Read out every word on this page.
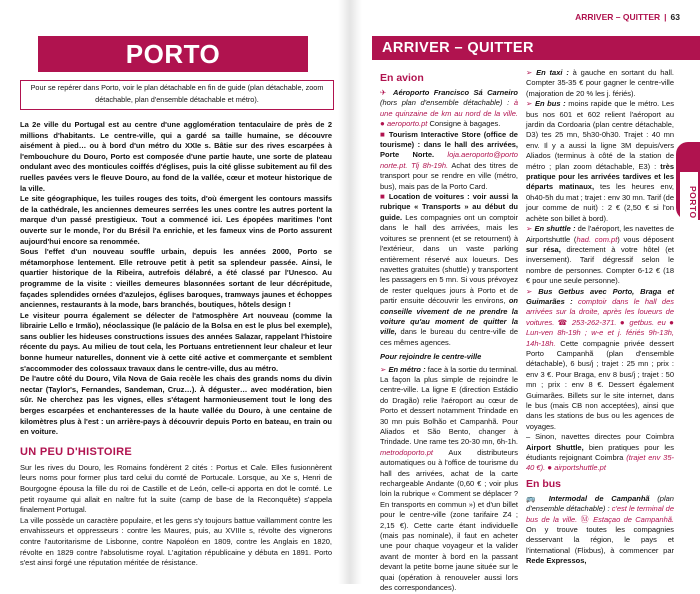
PORTO
Pour se repérer dans Porto, voir le plan détachable en fin de guide (plan détachable, zoom détachable, plan d'ensemble détachable et métro).

La 2e ville du Portugal est au centre d'une agglomération tentaculaire de près de 2 millions d'habitants. Le centre-ville, qui a gardé sa taille humaine, se découvre aisément à pied… ou à bord d'un métro du XXIe s. Bâtie sur des rives escarpées à l'embouchure du Douro, Porto est composée d'une partie haute, une sorte de plateau ondulant avec des monticules coiffés d'églises, puis la cité glisse subitement au fil des ruelles pavées vers le fleuve Douro, au fond de la vallée, cœur et moteur historique de la ville.
Le site géographique, les tuiles rouges des toits, d'où émergent les contours massifs de la cathédrale, les anciennes demeures serrées les unes contre les autres portent la marque d'un passé prestigieux. Tout a commencé ici. Les épopées maritimes l'ont ouverte sur le monde, l'or du Brésil l'a enrichie, et les fameux vins de Porto assurent aujourd'hui encore sa renommée.
Sous l'effet d'un nouveau souffle urbain, depuis les années 2000, Porto se métamorphose lentement. Elle retrouve petit à petit sa splendeur passée. Ainsi, le quartier historique de la Ribeira, autrefois délabré, a été classé par l'Unesco. Au programme de la visite : vieilles demeures blasonnées sortant de leur décrépitude, façades splendides ornées d'azulejos, églises baroques, tramways jaunes et échoppes anciennes, restaurants à la mode, bars branchés, boutiques, hôtels design !
Le visiteur pourra également se délecter de l'atmosphère Art nouveau (comme la librairie Lello e Irmão), néoclassique (le palácio de la Bolsa en est le plus bel exemple), sans oublier les hideuses constructions issues des années Salazar, rappelant l'histoire récente du pays. Au milieu de tout cela, les Portuans entretiennent leur chaleur et leur bonne humeur naturelles, donnent vie à cette cité active et commerçante et semblent s'accommoder des colossaux travaux dans le centre-ville, dus au métro.
De l'autre côté du Douro, Vila Nova de Gaia recèle les chais des grands noms du divin nectar (Taylor's, Fernandes, Sandeman, Cruz…). À déguster… avec modération, bien sûr. Ne cherchez pas les vignes, elles s'étagent harmonieusement tout le long des berges escarpées et enchanteresses de la haute vallée du Douro, à une centaine de kilomètres plus à l'est : un arrière-pays à découvrir depuis Porto en bateau, en train ou en voiture.

UN PEU D'HISTOIRE

Sur les rives du Douro, les Romains fondèrent 2 cités : Portus et Cale. Elles fusionnèrent leurs noms pour former plus tard celui du comté de Portucale. Lorsque, au Xe s, Henri de Bourgogne épousa la fille du roi de Castille et de León, celle-ci apporta en dot le comté. Le petit royaume qui allait en naître fut la suite (camp de base de la Reconquête) s'appela finalement Portugal.
La ville possède un caractère populaire, et les gens s'y toujours battue vaillamment contre les envahisseurs et oppresseurs : contre les Maures, puis, au XVIIIe s, révolte des vignerons contre l'autoritarisme de Lisbonne, contre Napoléon en 1809, contre les Anglais en 1820, révolte en 1829 contre l'absolutisme royal. L'agitation républicaine y débuta en 1891. Porto s'est ainsi forgé une réputation méritée de résistance.

ARRIVER – QUITTER | 63
ARRIVER – QUITTER
PORTO
En avion

✈ Aéroporto Francisco Sá Carneiro (hors plan d'ensemble détachable) : à une quinzaine de km au nord de la ville. ● aeroporto.pt Consigne à bagages.

■ Tourism Interactive Store (office de tourisme) : dans le hall des arrivées, Porte Norte. loja.aeroporto@porto norte.pt. Tlj 8h-19h. Achat des titres de transport pour se rendre en ville (métro, bus), mais pas de la Porto Card.

■ Location de voitures : voir aussi la rubrique « Transports » au début du guide. Les compagnies ont un comptoir dans le hall des arrivées, mais les voitures se prennent (et se retournent) à l'extérieur, dans un vaste parking entièrement réservé aux loueurs. Des navettes gratuites (shuttle) y transportent les passagers en 5 mn. Si vous prévoyez de rester quelques jours à Porto et de partir ensuite découvrir les environs, on conseille vivement de ne prendre la voiture qu'au moment de quitter la ville, dans le bureau du centre-ville de ces mêmes agences.

Pour rejoindre le centre-ville

➢ En métro : face à la sortie du terminal. La façon la plus simple de rejoindre le centre-ville. La ligne E (direction Estádio do Dragão) relie l'aéroport au cœur de Porto et dessert notamment Trindade en 30 mn puis Bolhão et Campanhã. Pour Aliados et São Bento, changer à Trindade. Une rame tes 20-30 mn, 6h-1h. metrodoporto.pt Aux distributeurs automatiques ou à l'office de tourisme du hall des arrivées, achat de la carte rechargeable Andante (0,60 € ; voir plus loin la rubrique « Comment se déplacer ? En transports en commun ») et d'un billet pour le centre-ville (zone tarifaire Z4 ; 2,15 €). Cette carte étant individuelle (mais pas nominale), il faut en acheter une pour chaque voyageur et la valider avant de monter à bord en la passant devant la petite borne jaune située sur le quai (opération à renouveler aussi lors des correspondances).

➢ En taxi : à gauche en sortant du hall. Compter 35-35 € pour gagner le centre-ville (majoration de 20 % les j. fériés).

➢ En bus : moins rapide que le métro. Les bus nos 601 et 602 relient l'aéroport au jardin da Cordoaria (plan centre détachable, D3) tes 25 mn, 5h30-0h30. Trajet : 40 mn env. Il y a aussi la ligne 3M depuis/vers Aliados (terminus à côté de la station de métro ; plan zoom détachable, E3) : très pratique pour les arrivées tardives et les départs matinaux, tes les heures env, 0h40-5h du mat ; trajet : env 30 mn. Tarif (de jour comme de nuit) : 2 € (2,50 € si l'on achète son billet à bord).

➢ En shuttle : de l'aéroport, les navettes de Airportshuttle (had. com.pt) vous déposent sur résa, directement à votre hôtel (et inversement). Tarif dégressif selon le nombre de personnes. Compter 6-12 € (18 € pour une seule personne).

➢ Bus Getbus avec Porto, Braga et Guimarães : comptoir dans le hall des arrivées sur la droite, après les loueurs de voitures. ☎ 253-262-371. ● getbus. eu ● Lun-ven 8h-19h ; w-e et j. fériés 9h-13h, 14h-18h. Cette compagnie privée dessert Porto Campanhã (plan d'ensemble détachable), 6 bus/j ; trajet : 25 mn ; prix : env 3 €. Pour Braga, env 8 bus/j ; trajet : 50 mn ; prix : env 8 €. Dessert également Guimarães. Billets sur le site internet, dans le bus (mais CB non acceptées), ainsi que dans les stations de bus ou les agences de voyages.

– Sinon, navettes directes pour Coimbra Airport Shuttle, bien pratiques pour les étudiants rejoignant Coimbra (trajet env 35-40 €). ● airportshuttle.pt

En bus

🚌 Intermodal de Campanhã (plan d'ensemble détachable) : c'est le terminal de bus de la ville. Ⓜ Estaçao de Campanhã. On y trouve toutes les compagnies desservant la région, le pays et l'international (Flixbus), à commencer par Rede Expressos,
